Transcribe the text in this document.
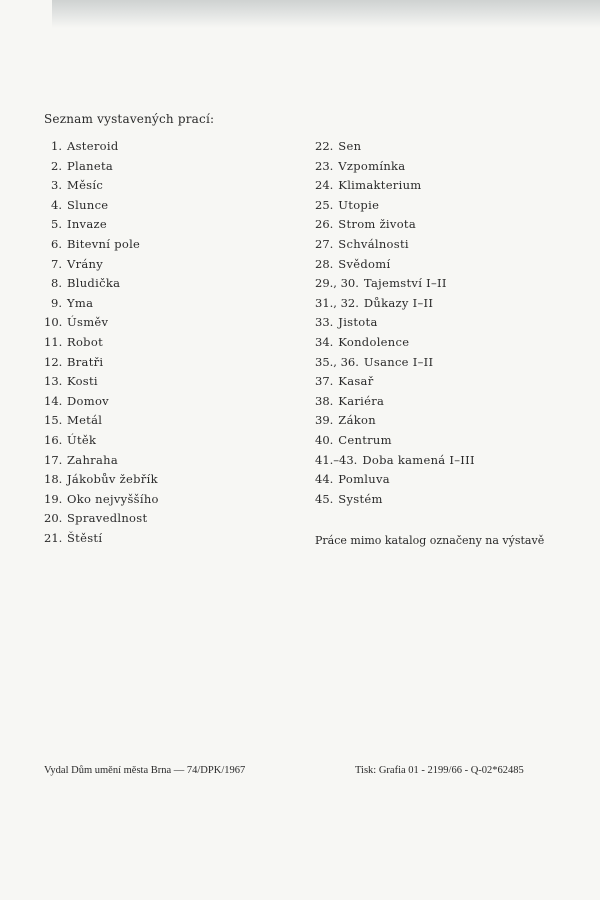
Seznam vystavených prací:
1. Asteroid
2. Planeta
3. Měsíc
4. Slunce
5. Invaze
6. Bitevní pole
7. Vrány
8. Bludička
9. Yma
10. Úsměv
11. Robot
12. Bratři
13. Kosti
14. Domov
15. Metál
16. Útěk
17. Zahraha
18. Jákobův žebřík
19. Oko nejvyššího
20. Spravedlnost
21. Štěstí
22. Sen
23. Vzpomínka
24. Klimakterium
25. Utopie
26. Strom života
27. Schválnosti
28. Svědomí
29., 30. Tajemství I–II
31., 32. Důkazy I–II
33. Jistota
34. Kondolence
35., 36. Usance I–II
37. Kasař
38. Kariéra
39. Zákon
40. Centrum
41.–43. Doba kamená I–III
44. Pomluva
45. Systém
Práce mimo katalog označeny na výstavě
Vydal Dům umění města Brna — 74/DPK/1967	Tisk: Grafia 01 - 2199/66 - Q-02*62485
